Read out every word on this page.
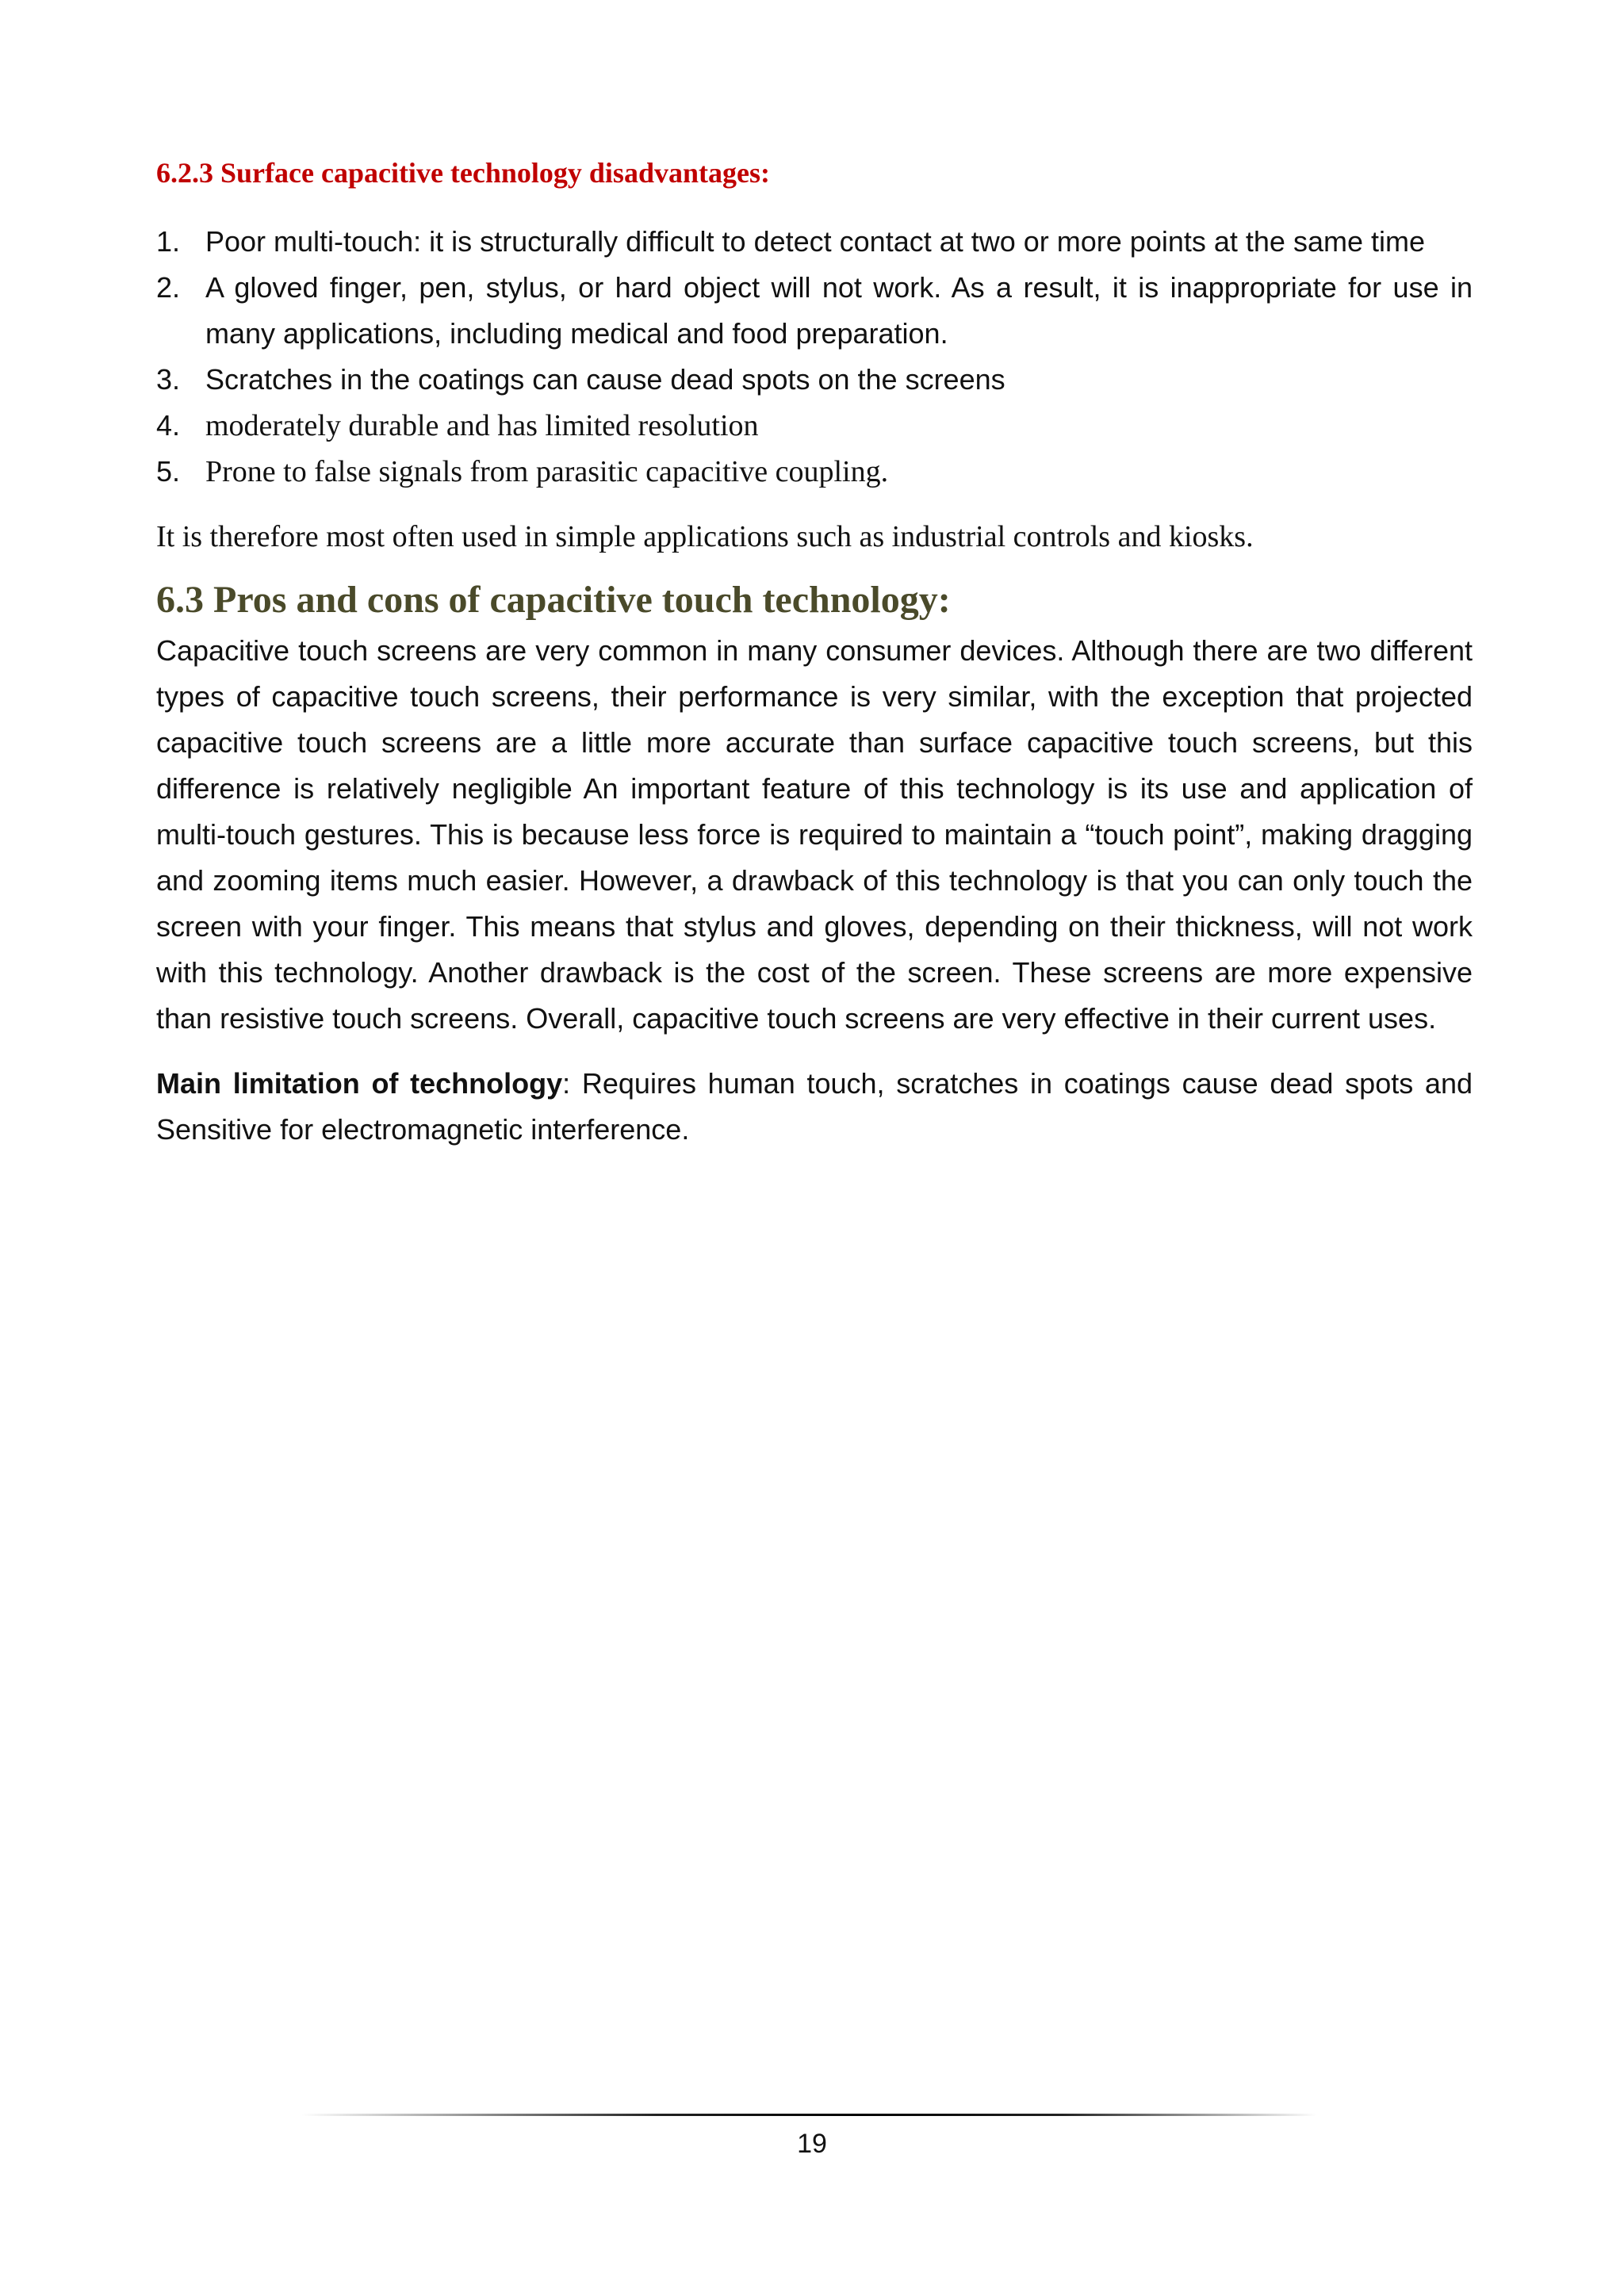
6.2.3 Surface capacitive technology disadvantages:
1. Poor multi-touch: it is structurally difficult to detect contact at two or more points at the same time
2. A gloved finger, pen, stylus, or hard object will not work. As a result, it is inappropriate for use in many applications, including medical and food preparation.
3. Scratches in the coatings can cause dead spots on the screens
4. moderately durable and has limited resolution
5. Prone to false signals from parasitic capacitive coupling.

It is therefore most often used in simple applications such as industrial controls and kiosks.

6.3 Pros and cons of capacitive touch technology:

Capacitive touch screens are very common in many consumer devices. Although there are two different types of capacitive touch screens, their performance is very similar, with the exception that projected capacitive touch screens are a little more accurate than surface capacitive touch screens, but this difference is relatively negligible An important feature of this technology is its use and application of multi-touch gestures. This is because less force is required to maintain a “touch point”, making dragging and zooming items much easier. However, a drawback of this technology is that you can only touch the screen with your finger. This means that stylus and gloves, depending on their thickness, will not work with this technology. Another drawback is the cost of the screen. These screens are more expensive than resistive touch screens. Overall, capacitive touch screens are very effective in their current uses.

Main limitation of technology: Requires human touch, scratches in coatings cause dead spots and Sensitive for electromagnetic interference.

19
